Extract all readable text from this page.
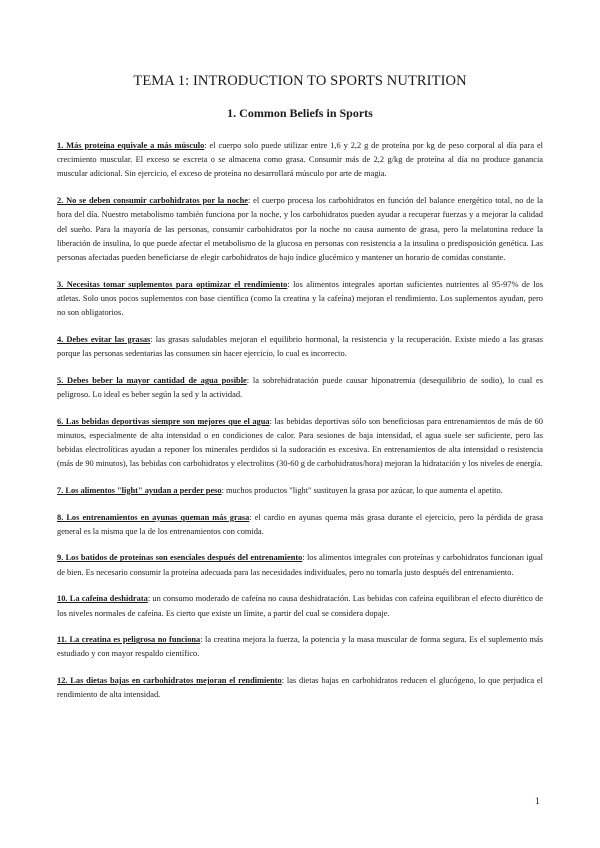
TEMA 1: INTRODUCTION TO SPORTS NUTRITION
1. Common Beliefs in Sports

1. Más proteína equivale a más músculo: el cuerpo solo puede utilizar entre 1,6 y 2,2 g de proteína por kg de peso corporal al día para el crecimiento muscular. El exceso se excreta o se almacena como grasa. Consumir más de 2,2 g/kg de proteína al día no produce ganancia muscular adicional. Sin ejercicio, el exceso de proteína no desarrollará músculo por arte de magia.

2. No se deben consumir carbohidratos por la noche: el cuerpo procesa los carbohidratos en función del balance energético total, no de la hora del día. Nuestro metabolismo también funciona por la noche, y los carbohidratos pueden ayudar a recuperar fuerzas y a mejorar la calidad del sueño. Para la mayoría de las personas, consumir carbohidratos por la noche no causa aumento de grasa, pero la melatonina reduce la liberación de insulina, lo que puede afectar el metabolismo de la glucosa en personas con resistencia a la insulina o predisposición genética. Las personas afectadas pueden beneficiarse de elegir carbohidratos de bajo índice glucémico y mantener un horario de comidas constante.

3. Necesitas tomar suplementos para optimizar el rendimiento: los alimentos integrales aportan suficientes nutrientes al 95-97% de los atletas. Solo unos pocos suplementos con base científica (como la creatina y la cafeína) mejoran el rendimiento. Los suplementos ayudan, pero no son obligatorios.

4. Debes evitar las grasas: las grasas saludables mejoran el equilibrio hormonal, la resistencia y la recuperación. Existe miedo a las grasas porque las personas sedentarias las consumen sin hacer ejercicio, lo cual es incorrecto.

5. Debes beber la mayor cantidad de agua posible: la sobrehidratación puede causar hiponatremia (desequilibrio de sodio), lo cual es peligroso. Lo ideal es beber según la sed y la actividad.

6. Las bebidas deportivas siempre son mejores que el agua: las bebidas deportivas sólo son beneficiosas para entrenamientos de más de 60 minutos, especialmente de alta intensidad o en condiciones de calor. Para sesiones de baja intensidad, el agua suele ser suficiente, pero las bebidas electrolíticas ayudan a reponer los minerales perdidos si la sudoración es excesiva. En entrenamientos de alta intensidad o resistencia (más de 90 minutos), las bebidas con carbohidratos y electrolitos (30-60 g de carbohidratos/hora) mejoran la hidratación y los niveles de energía.

7. Los alimentos "light" ayudan a perder peso: muchos productos "light" sustituyen la grasa por azúcar, lo que aumenta el apetito.

8. Los entrenamientos en ayunas queman más grasa: el cardio en ayunas quema más grasa durante el ejercicio, pero la pérdida de grasa general es la misma que la de los entrenamientos con comida.

9. Los batidos de proteínas son esenciales después del entrenamiento: los alimentos integrales con proteínas y carbohidratos funcionan igual de bien. Es necesario consumir la proteína adecuada para las necesidades individuales, pero no tomarla justo después del entrenamiento.

10. La cafeína deshidrata: un consumo moderado de cafeína no causa deshidratación. Las bebidas con cafeína equilibran el efecto diurético de los niveles normales de cafeína. Es cierto que existe un límite, a partir del cual se considera dopaje.

11. La creatina es peligrosa no funciona: la creatina mejora la fuerza, la potencia y la masa muscular de forma segura. Es el suplemento más estudiado y con mayor respaldo científico.

12. Las dietas bajas en carbohidratos mejoran el rendimiento: las dietas bajas en carbohidratos reducen el glucógeno, lo que perjudica el rendimiento de alta intensidad.

1
